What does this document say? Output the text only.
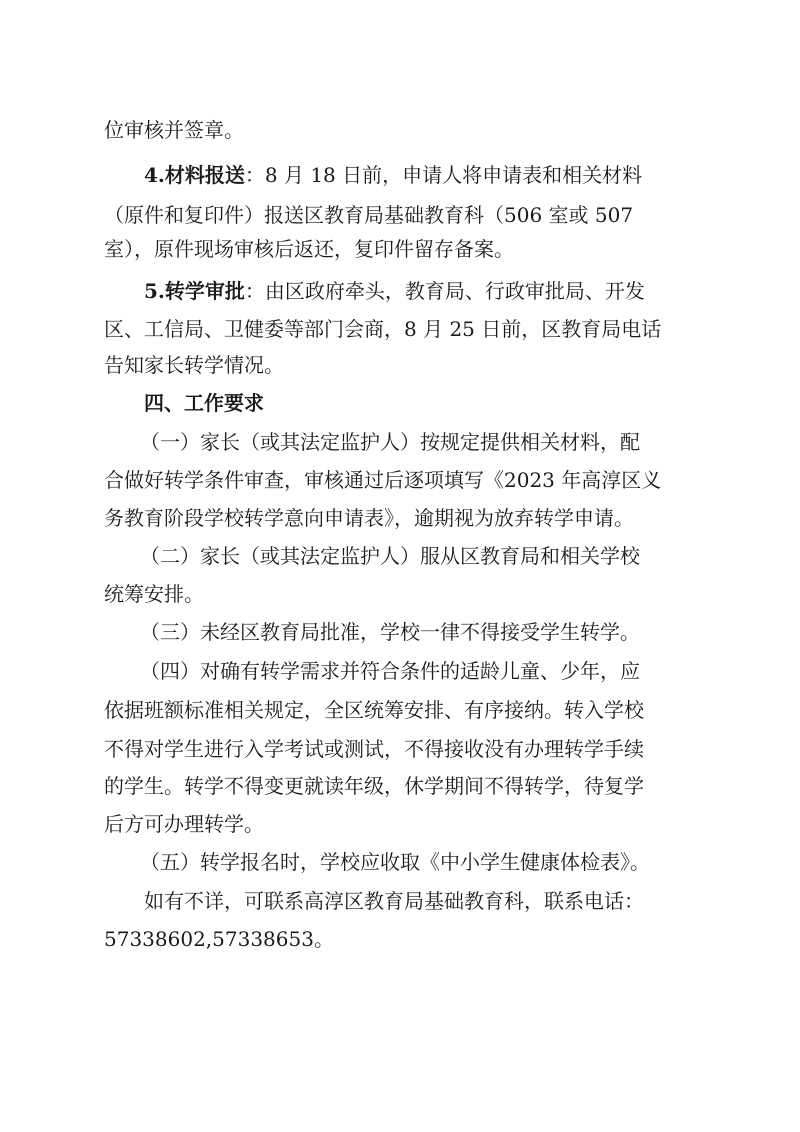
位审核并签章。
4.材料报送：8 月 18 日前，申请人将申请表和相关材料
（原件和复印件）报送区教育局基础教育科（506 室或 507
室），原件现场审核后返还，复印件留存备案。
5.转学审批：由区政府牵头，教育局、行政审批局、开发
区、工信局、卫健委等部门会商，8 月 25 日前，区教育局电话
告知家长转学情况。
四、工作要求
（一）家长（或其法定监护人）按规定提供相关材料，配
合做好转学条件审查，审核通过后逐项填写《2023 年高淳区义
务教育阶段学校转学意向申请表》，逾期视为放弃转学申请。
（二）家长（或其法定监护人）服从区教育局和相关学校
统筹安排。
（三）未经区教育局批准，学校一律不得接受学生转学。
（四）对确有转学需求并符合条件的适龄儿童、少年，应
依据班额标准相关规定，全区统筹安排、有序接纳。转入学校
不得对学生进行入学考试或测试，不得接收没有办理转学手续
的学生。转学不得变更就读年级，休学期间不得转学，待复学
后方可办理转学。
（五）转学报名时，学校应收取《中小学生健康体检表》。
如有不详，可联系高淳区教育局基础教育科，联系电话：
57338602,57338653。
